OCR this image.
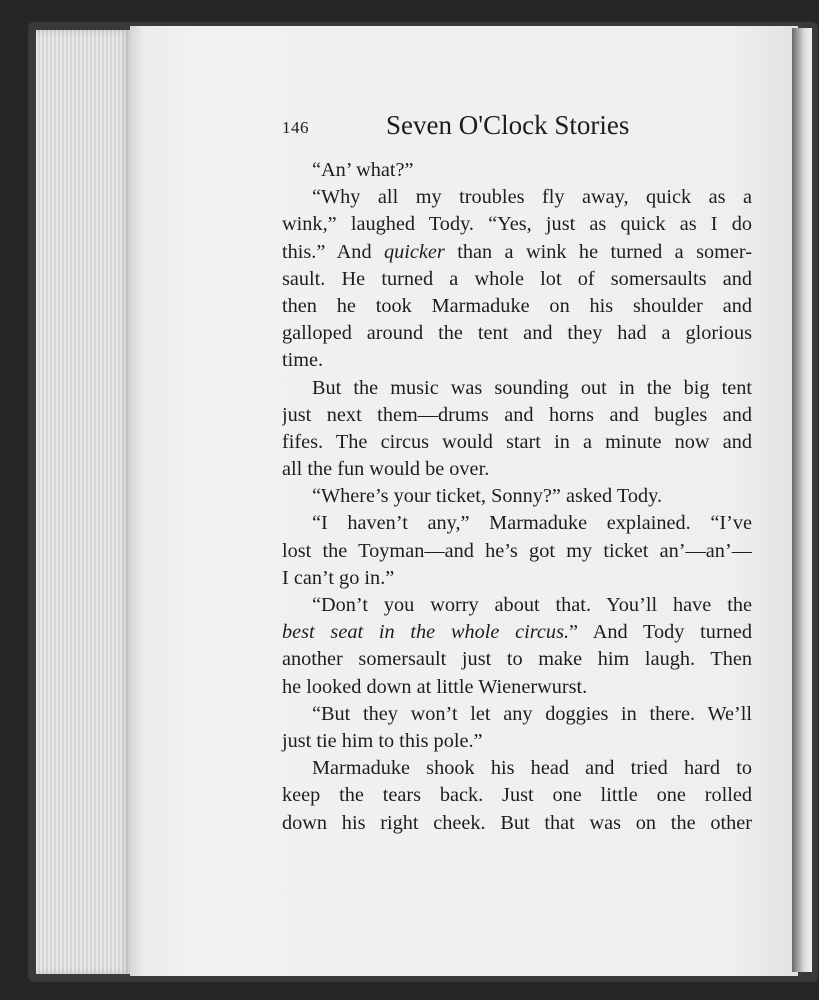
146	Seven O'Clock Stories
“An’ what?”
“Why all my troubles fly away, quick as a
wink,” laughed Tody. “Yes, just as quick as I do
this.” And quicker than a wink he turned a somer-
sault. He turned a whole lot of somersaults and
then he took Marmaduke on his shoulder and
galloped around the tent and they had a glorious
time.
But the music was sounding out in the big tent
just next them—drums and horns and bugles and
fifes. The circus would start in a minute now and
all the fun would be over.
“Where’s your ticket, Sonny?” asked Tody.
“I haven’t any,” Marmaduke explained. “I’ve
lost the Toyman—and he’s got my ticket an’—an’—
I can’t go in.”
“Don’t you worry about that. You’ll have the
best seat in the whole circus.” And Tody turned
another somersault just to make him laugh. Then
he looked down at little Wienerwurst.
“But they won’t let any doggies in there. We’ll
just tie him to this pole.”
Marmaduke shook his head and tried hard to
keep the tears back. Just one little one rolled
down his right cheek. But that was on the other
